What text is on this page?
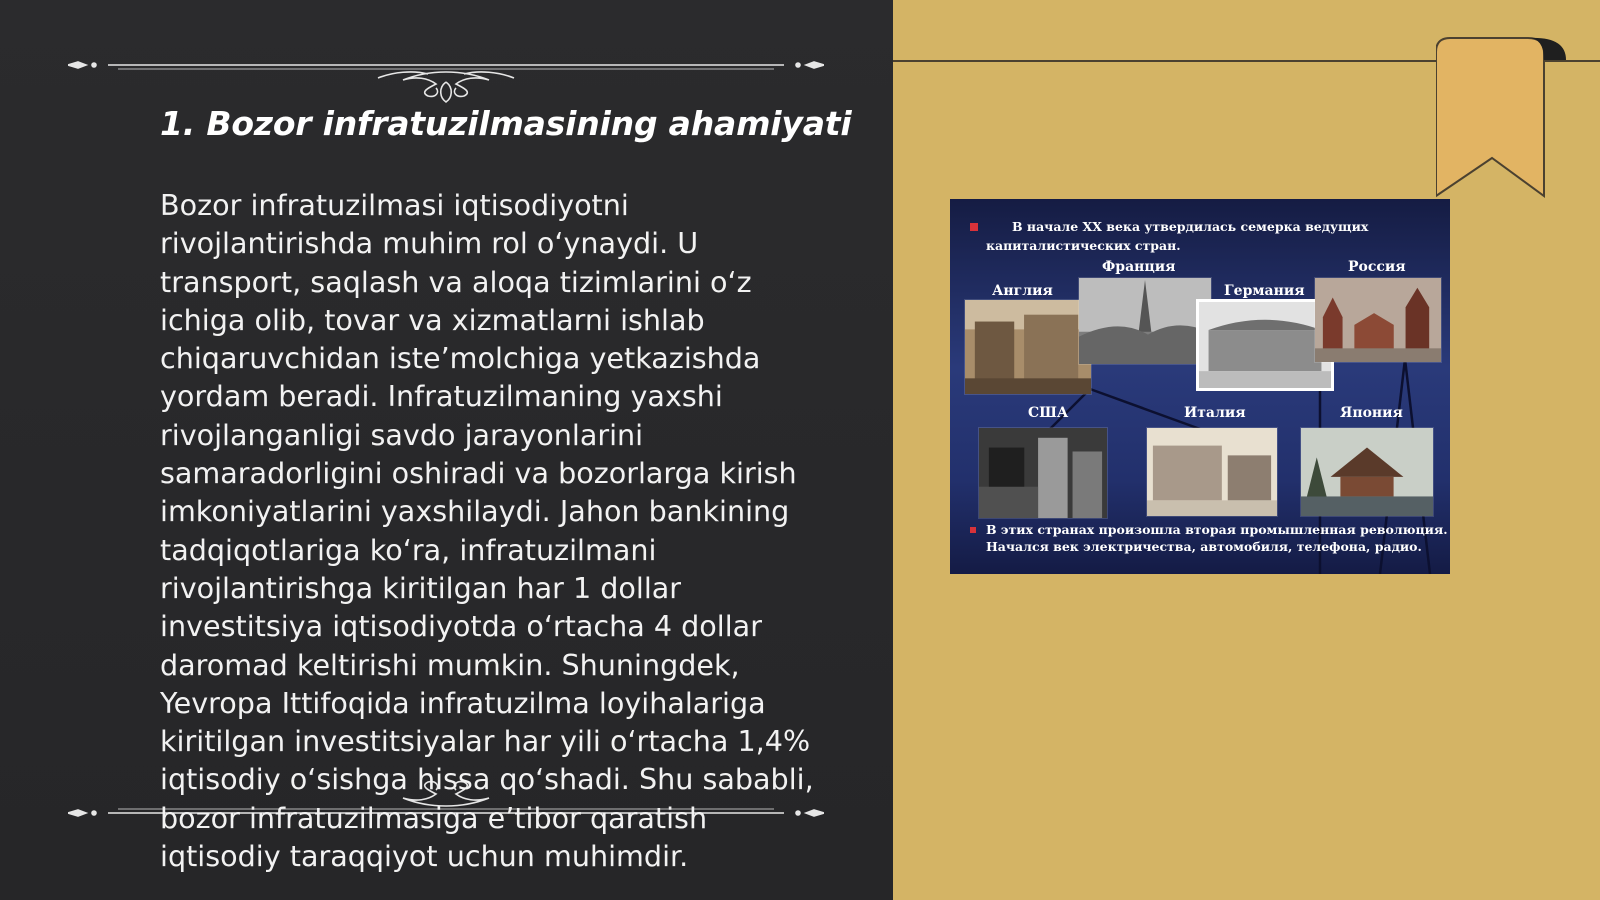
1. Bozor infratuzilmasining ahamiyati
Bozor infratuzilmasi iqtisodiyotni
rivojlantirishda muhim rol o‘ynaydi. U
transport, saqlash va aloqa tizimlarini o‘z
ichiga olib, tovar va xizmatlarni ishlab
chiqaruvchidan iste’molchiga yetkazishda
yordam beradi. Infratuzilmaning yaxshi
rivojlanganligi savdo jarayonlarini
samaradorligini oshiradi va bozorlarga kirish
imkoniyatlarini yaxshilaydi. Jahon bankining
tadqiqotlariga ko‘ra, infratuzilmani
rivojlantirishga kiritilgan har 1 dollar
investitsiya iqtisodiyotda o‘rtacha 4 dollar
daromad keltirishi mumkin. Shuningdek,
Yevropa Ittifoqida infratuzilma loyihalariga
kiritilgan investitsiyalar har yili o‘rtacha 1,4%
iqtisodiy o‘sishga hissa qo‘shadi. Shu sababli,
bozor infratuzilmasiga e’tibor qaratish
iqtisodiy taraqqiyot uchun muhimdir.
В начале XX века утвердилась семерка ведущих
капиталистических стран.
Франция	Россия
Англия	Германия
США	Италия	Япония
В этих странах произошла вторая промышленная революция.
Начался век электричества, автомобиля, телефона, радио.
